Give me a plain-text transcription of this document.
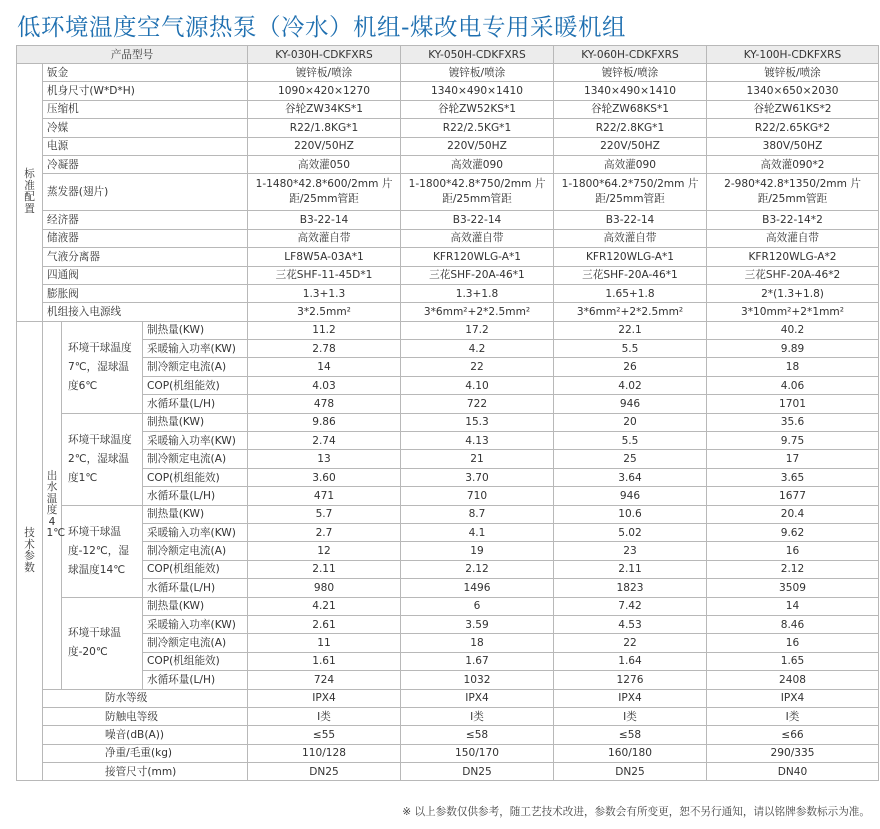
低环境温度空气源热泵（冷水）机组-煤改电专用采暖机组
产品型号				KY-030H-CDKFXRS	KY-050H-CDKFXRS	KY-060H-CDKFXRS	KY-100H-CDKFXRS

标准配置	钣金			镀锌板/喷涂	镀锌板/喷涂	镀锌板/喷涂	镀锌板/喷涂
	机身尺寸(W*D*H)			1090×420×1270	1340×490×1410	1340×490×1410	1340×650×2030
	压缩机			谷轮ZW34KS*1	谷轮ZW52KS*1	谷轮ZW68KS*1	谷轮ZW61KS*2
	冷媒			R22/1.8KG*1	R22/2.5KG*1	R22/2.8KG*1	R22/2.65KG*2
	电源			220V/50HZ	220V/50HZ	220V/50HZ	380V/50HZ
	冷凝器			高效灌050	高效灌090	高效灌090	高效灌090*2
	蒸发器(翅片)			1-1480*42.8*600/2mm 片距/25mm管距	1-1800*42.8*750/2mm 片距/25mm管距	1-1800*64.2*750/2mm 片距/25mm管距	2-980*42.8*1350/2mm 片距/25mm管距
	经济器			B3-22-14	B3-22-14	B3-22-14	B3-22-14*2
	储液器			高效灌自带	高效灌自带	高效灌自带	高效灌自带
	气液分离器			LF8W5A-03A*1	KFR120WLG-A*1	KFR120WLG-A*1	KFR120WLG-A*2
	四通阀			三花SHF-11-45D*1	三花SHF-20A-46*1	三花SHF-20A-46*1	三花SHF-20A-46*2
	膨胀阀			1.3+1.3	1.3+1.8	1.65+1.8	2*(1.3+1.8)
	机组接入电源线			3*2.5mm²	3*6mm²+2*2.5mm²	3*6mm²+2*2.5mm²	3*10mm²+2*1mm²

技术参数	出水温度41℃	环境干球温度7℃，湿球温度6℃	制热量(KW)	11.2	17.2	22.1	40.2
			采暖输入功率(KW)	2.78	4.2	5.5	9.89
			制冷额定电流(A)	14	22	26	18
			COP(机组能效)	4.03	4.10	4.02	4.06
			水循环量(L/H)	478	722	946	1701
		环境干球温度2℃，湿球温度1℃	制热量(KW)	9.86	15.3	20	35.6
			采暖输入功率(KW)	2.74	4.13	5.5	9.75
			制冷额定电流(A)	13	21	25	17
			COP(机组能效)	3.60	3.70	3.64	3.65
			水循环量(L/H)	471	710	946	1677
		环境干球温度-12℃，湿球温度14℃	制热量(KW)	5.7	8.7	10.6	20.4
			采暖输入功率(KW)	2.7	4.1	5.02	9.62
			制冷额定电流(A)	12	19	23	16
			COP(机组能效)	2.11	2.12	2.11	2.12
			水循环量(L/H)	980	1496	1823	3509
		环境干球温度-20℃	制热量(KW)	4.21	6	7.42	14
			采暖输入功率(KW)	2.61	3.59	4.53	8.46
			制冷额定电流(A)	11	18	22	16
			COP(机组能效)	1.61	1.67	1.64	1.65
			水循环量(L/H)	724	1032	1276	2408
	防水等级			IPX4	IPX4	IPX4	IPX4
	防触电等级			I类	I类	I类	I类
	噪音(dB(A))			≤55	≤58	≤58	≤66
	净重/毛重(kg)			110/128	150/170	160/180	290/335
	接管尺寸(mm)			DN25	DN25	DN25	DN40
※ 以上参数仅供参考，随工艺技术改进，参数会有所变更，恕不另行通知，请以铭牌参数标示为准。
